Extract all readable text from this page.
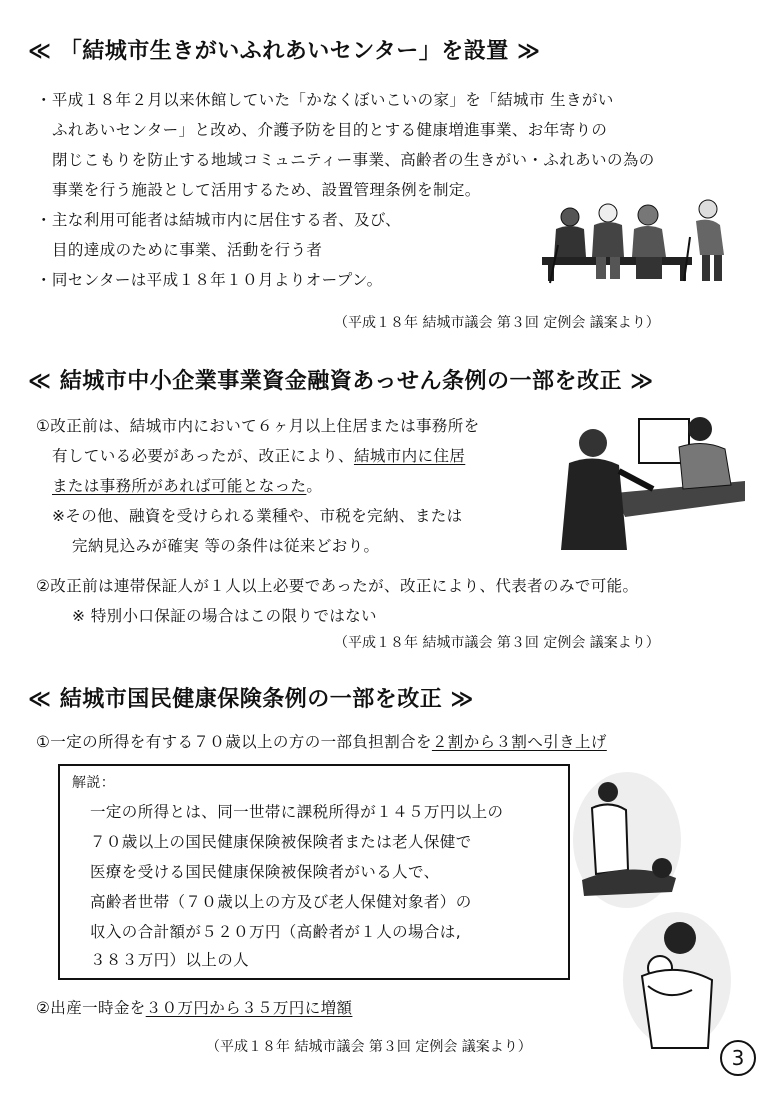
≪ 「結城市生きがいふれあいセンター」を設置 ≫
・平成１８年２月以来休館していた「かなくぼいこいの家」を「結城市 生きがい
ふれあいセンター」と改め、介護予防を目的とする健康増進事業、お年寄りの
閉じこもりを防止する地域コミュニティー事業、高齢者の生きがい・ふれあいの為の
事業を行う施設として活用するため、設置管理条例を制定。
・主な利用可能者は結城市内に居住する者、及び、
目的達成のために事業、活動を行う者
・同センターは平成１８年１０月よりオープン。
（平成１８年 結城市議会 第３回 定例会 議案より）
≪ 結城市中小企業事業資金融資あっせん条例の一部を改正 ≫
①改正前は、結城市内において６ヶ月以上住居または事務所を
有している必要があったが、改正により、結城市内に住居
または事務所があれば可能となった。
※その他、融資を受けられる業種や、市税を完納、または
完納見込みが確実 等の条件は従来どおり。
②改正前は連帯保証人が１人以上必要であったが、改正により、代表者のみで可能。
※ 特別小口保証の場合はこの限りではない
（平成１８年 結城市議会 第３回 定例会 議案より）
≪ 結城市国民健康保険条例の一部を改正 ≫
①一定の所得を有する７０歳以上の方の一部負担割合を２割から３割へ引き上げ
解説：
一定の所得とは、同一世帯に課税所得が１４５万円以上の
７０歳以上の国民健康保険被保険者または老人保健で
医療を受ける国民健康保険被保険者がいる人で、
高齢者世帯（７０歳以上の方及び老人保健対象者）の
収入の合計額が５２０万円（高齢者が１人の場合は,
３８３万円）以上の人
②出産一時金を３０万円から３５万円に増額
（平成１８年 結城市議会 第３回 定例会 議案より）	3
